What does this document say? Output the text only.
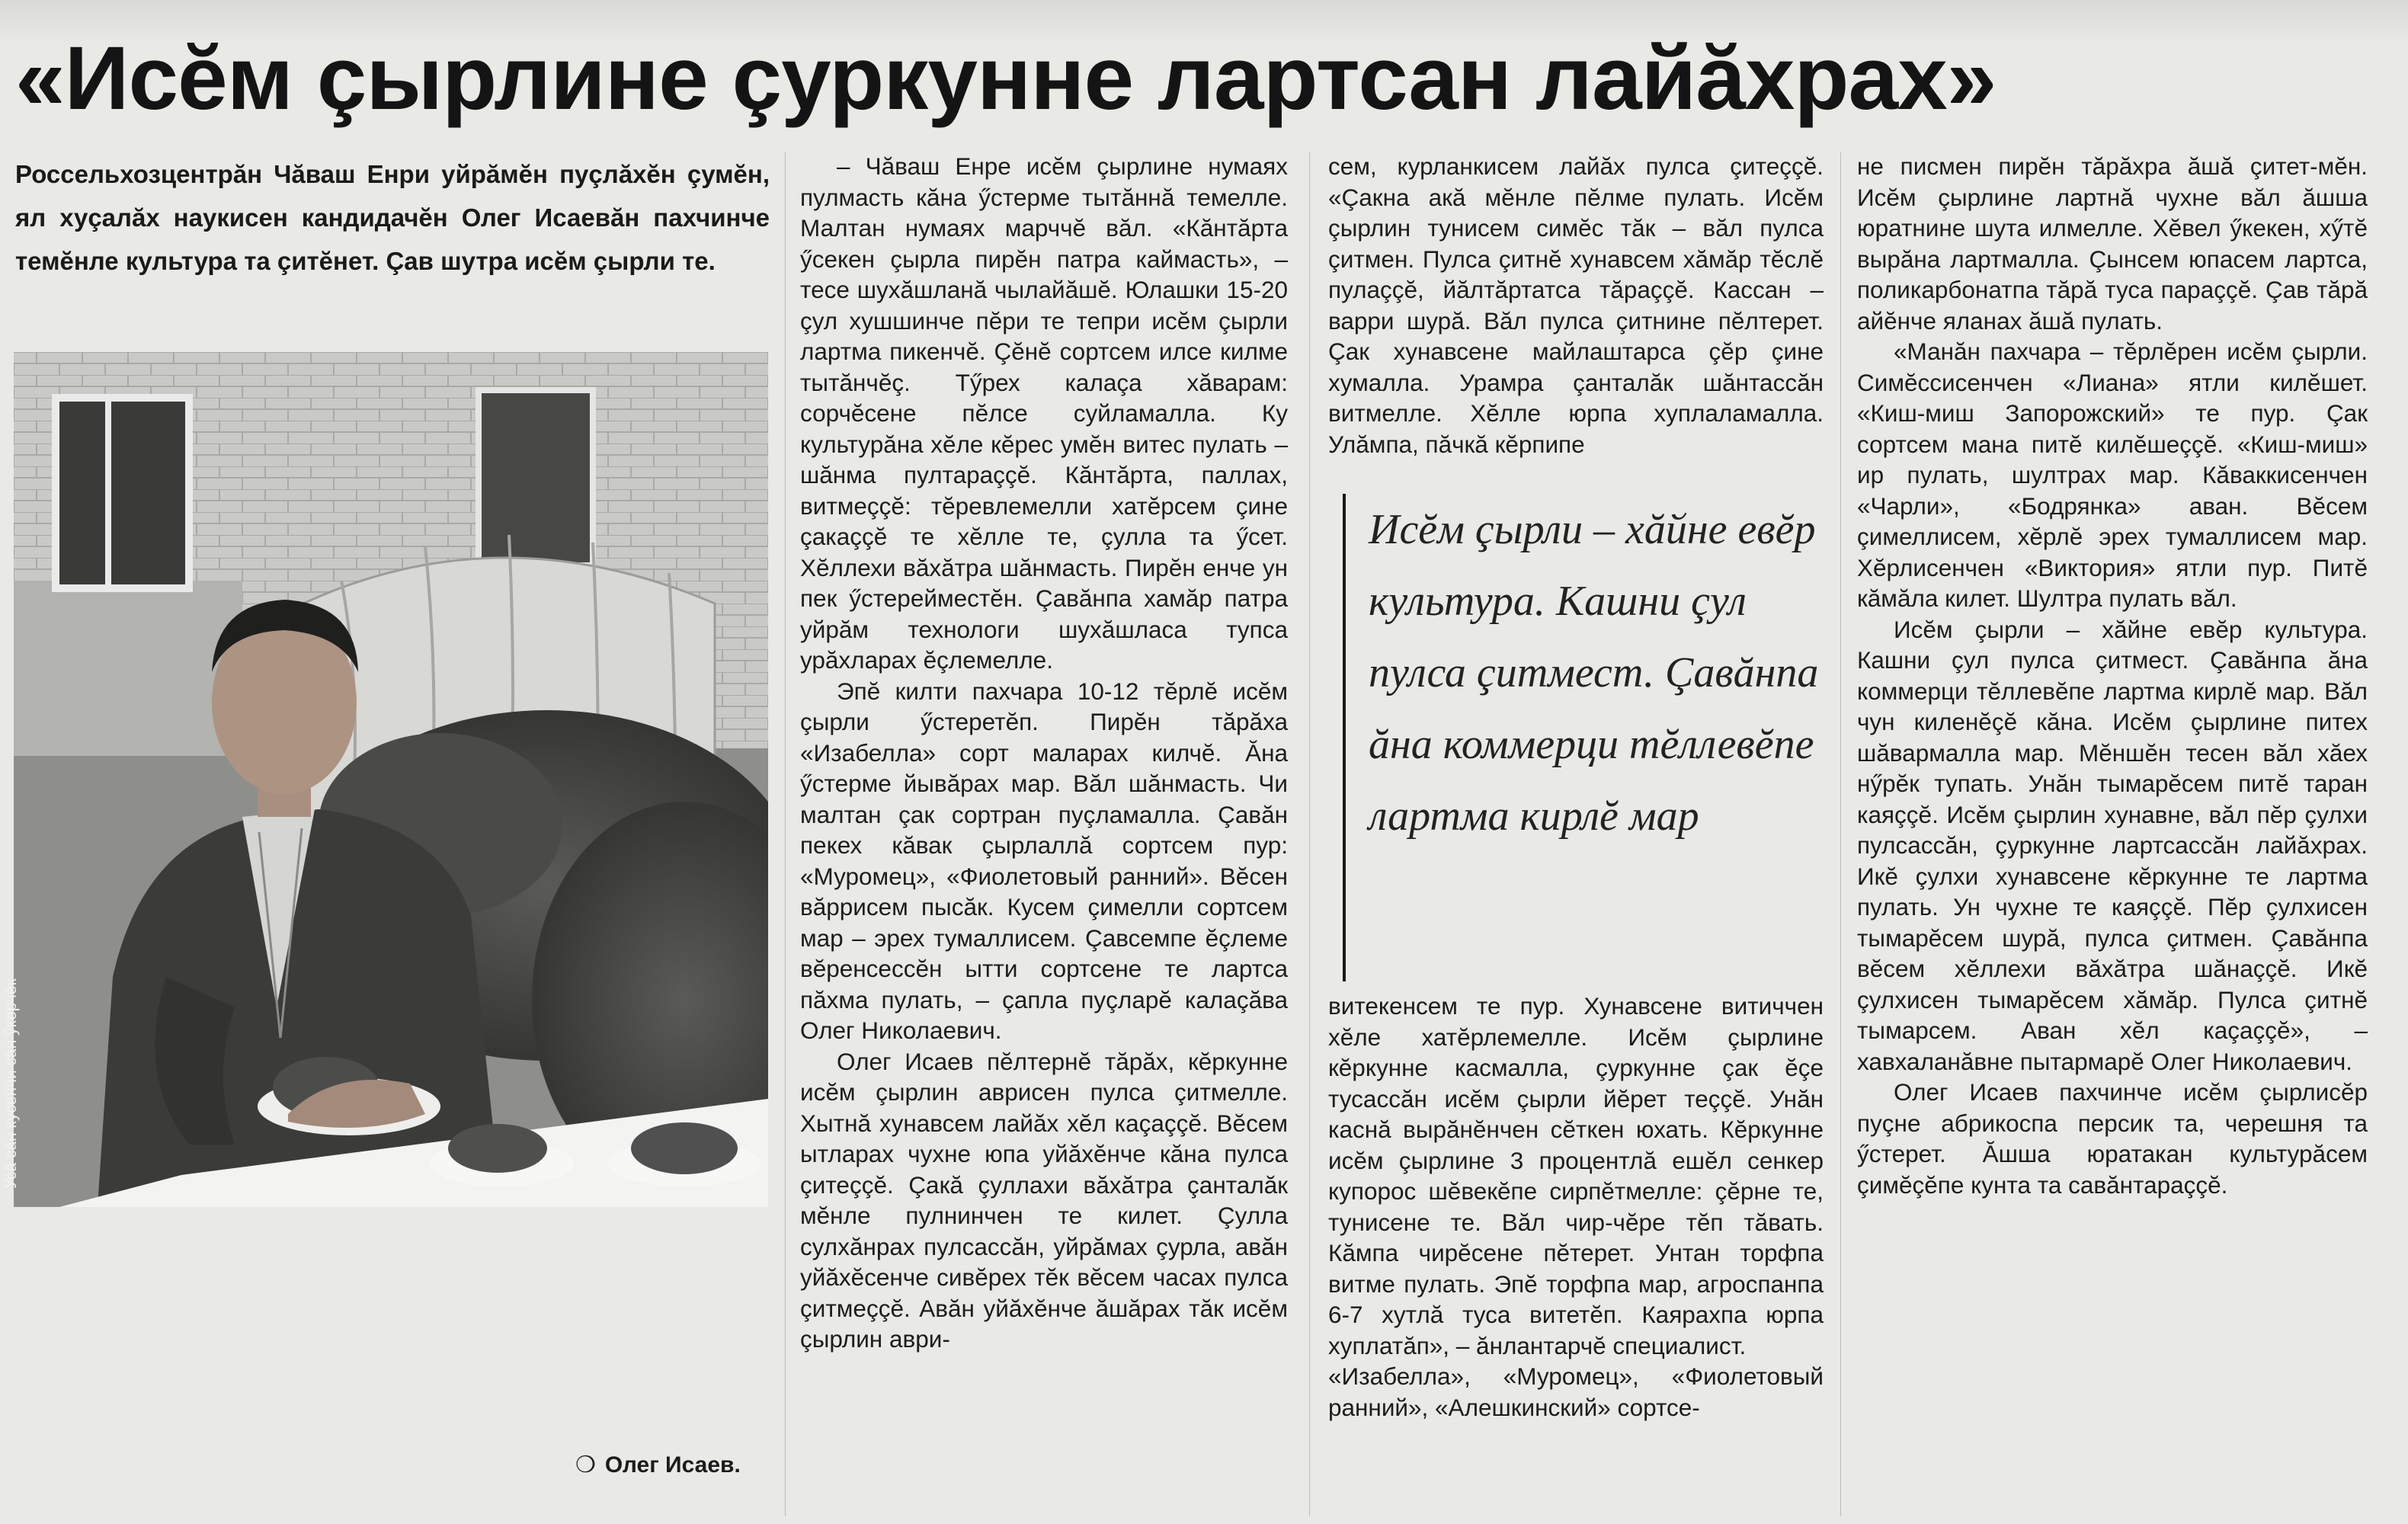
«Исĕм çырлине çуркунне лартсан лайăхрах»

Россельхозцентрăн Чăваш Енри уйрăмĕн пуçлăхĕн çумĕн, ял хуçалăх наукисен кандидачĕн Олег Исаевăн пахчинче темĕнле культура та çитĕнет. Çав шутра исĕм çырли те.

Усă сăн кусенчи сăн ӳкерчĕк
❍ Олег Исаев.

– Чăваш Енре исĕм çырлине нумаях пулмасть кăна ӳстерме тытăннă темелле. Малтан нумаях марччĕ вăл. «Кăнтăрта ӳсекен çырла пирĕн патра каймасть», – тесе шухăшланă чылайăшĕ. Юлашки 15-20 çул хушшинче пĕри те тепри исĕм çырли лартма пикенчĕ. Çĕнĕ сортсем илсе килме тытăнчĕç. Тӳрех калаçа хăварам: сорчĕсене пĕлсе суйламалла. Ку культурăна хĕле кĕрес умĕн витес пулать – шăнма пултараççĕ. Кăнтăрта, паллах, витмеççĕ: тĕревлемелли хатĕрсем çине çакаççĕ те хĕлле те, çулла та ӳсет. Хĕллехи вăхăтра шăнмасть. Пирĕн енче ун пек ӳстерейместĕн. Çавăнпа хамăр патра уйрăм технологи шухăшласа тупса урăхларах ĕçлемелле.

Эпĕ килти пахчара 10-12 тĕрлĕ исĕм çырли ӳстеретĕп. Пирĕн тăрăха «Изабелла» сорт маларах килчĕ. Ăна ӳстерме йывăрах мар. Вăл шăнмасть. Чи малтан çак сортран пуçламалла. Çавăн пекех кăвак çырлаллă сортсем пур: «Муромец», «Фиолетовый ранний». Вĕсен вăррисем пысăк. Кусем çимелли сортсем мар – эрех тумаллисем. Çавсемпе ĕçлеме вĕренсессĕн ытти сортсене те лартса пăхма пулать, – çапла пуçларĕ калаçăва Олег Николаевич.

Олег Исаев пĕлтернĕ тăрăх, кĕркунне исĕм çырлин аврисен пулса çитмелле. Хытнă хунавсем лайăх хĕл каçаççĕ. Вĕсем ытларах чухне юпа уйăхĕнче кăна пулса çитеççĕ. Çакă çуллахи вăхăтра çанталăк мĕнле пулнинчен те килет. Çулла сулхăнрах пулсассăн, уйрăмах çурла, авăн уйăхĕсенче сивĕрех тĕк вĕсем часах пулса çитмеççĕ. Авăн уйăхĕнче ăшăрах тăк исĕм çырлин аври-

сем, курланкисем лайăх пулса çитеççĕ. «Çакна акă мĕнле пĕлме пулать. Исĕм çырлин тунисем симĕс тăк – вăл пулса çитмен. Пулса çитнĕ хунавсем хăмăр тĕслĕ пулаççĕ, йăлтăртатса тăраççĕ. Кассан – варри шурă. Вăл пулса çитнине пĕлтерет. Çак хунавсене майлаштарса çĕр çине хумалла. Урамра çанталăк шăнтассăн витмелле. Хĕлле юрпа хуплаламалла. Улăмпа, пăчкă кĕрпипе

Исĕм çырли – хăйне евĕр культура. Кашни çул пулса çитмест. Çавăнпа ăна коммерци тĕллевĕпе лартма кирлĕ мар

витекенсем те пур. Хунавсене витиччен хĕле хатĕрлемелле. Исĕм çырлине кĕркунне касмалла, çуркунне çак ĕçе тусассăн исĕм çырли йĕрет теççĕ. Унăн каснă вырăнĕнчен сĕткен юхать. Кĕркунне исĕм çырлине 3 процентлă ешĕл сенкер купорос шĕвекĕпе сирпĕтмелле: çĕрне те, тунисене те. Вăл чир-чĕре тĕп тăвать. Кăмпа чирĕсене пĕтерет. Унтан торфпа витме пулать. Эпĕ торфпа мар, агроспанпа 6-7 хутлă туса витетĕп. Каярахпа юрпа хуплатăп», – ăнлантарчĕ специалист.
«Изабелла», «Муромец», «Фиолетовый ранний», «Алешкинский» сортсе-

не писмен пирĕн тăрăхра ăшă çитет-мĕн. Исĕм çырлине лартнă чухне вăл ăшша юратнине шута илмелле. Хĕвел ӳкекен, хӳтĕ вырăна лартмалла. Çынсем юпасем лартса, поликарбонатпа тăрă туса параççĕ. Çав тăрă айĕнче яланах ăшă пулать.

«Манăн пахчара – тĕрлĕрен исĕм çырли. Симĕссисенчен «Лиана» ятли килĕшет. «Киш-миш Запорожский» те пур. Çак сортсем мана питĕ килĕшеççĕ. «Киш-миш» ир пулать, шултрах мар. Кăваккисенчен «Чарли», «Бодрянка» аван. Вĕсем çимеллисем, хĕрлĕ эрех тумаллисем мар. Хĕрлисенчен «Виктория» ятли пур. Питĕ кăмăла килет. Шултра пулать вăл.

Исĕм çырли – хăйне евĕр культура. Кашни çул пулса çитмест. Çавăнпа ăна коммерци тĕллевĕпе лартма кирлĕ мар. Вăл чун киленĕçĕ кăна. Исĕм çырлине питех шăвармалла мар. Мĕншĕн тесен вăл хăех нӳрĕк тупать. Унăн тымарĕсем питĕ таран каяççĕ. Исĕм çырлин хунавне, вăл пĕр çулхи пулсассăн, çуркунне лартсассăн лайăхрах. Икĕ çулхи хунавсене кĕркунне те лартма пулать. Ун чухне те каяççĕ. Пĕр çулхисен тымарĕсем шурă, пулса çитмен. Çавăнпа вĕсем хĕллехи вăхăтра шăнаççĕ. Икĕ çулхисен тымарĕсем хăмăр. Пулса çитнĕ тымарсем. Аван хĕл каçаççĕ», – хавхаланăвне пытармарĕ Олег Николаевич.

Олег Исаев пахчинче исĕм çырлисĕр пуçне абрикоспа персик та, черешня та ӳстерет. Ăшша юратакан культурăсем çимĕçĕпе кунта та савăнтараççĕ.
